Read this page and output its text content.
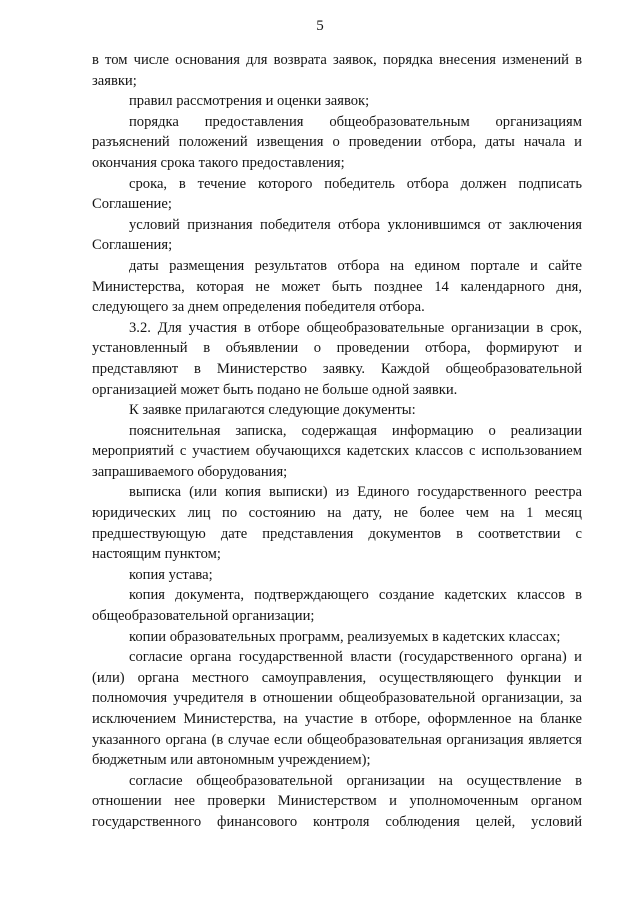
5

в том числе основания для возврата заявок, порядка внесения изменений в заявки;

правил рассмотрения и оценки заявок;

порядка предоставления общеобразовательным организациям разъяснений положений извещения о проведении отбора, даты начала и окончания срока такого предоставления;

срока, в течение которого победитель отбора должен подписать Соглашение;

условий признания победителя отбора уклонившимся от заключения Соглашения;

даты размещения результатов отбора на едином портале и сайте Министерства, которая не может быть позднее 14 календарного дня, следующего за днем определения победителя отбора.

3.2. Для участия в отборе общеобразовательные организации в срок, установленный в объявлении о проведении отбора, формируют и представляют в Министерство заявку. Каждой общеобразовательной организацией может быть подано не больше одной заявки.

К заявке прилагаются следующие документы:

пояснительная записка, содержащая информацию о реализации мероприятий с участием обучающихся кадетских классов с использованием запрашиваемого оборудования;

выписка (или копия выписки) из Единого государственного реестра юридических лиц по состоянию на дату, не более чем на 1 месяц предшествующую дате представления документов в соответствии с настоящим пунктом;

копия устава;

копия документа, подтверждающего создание кадетских классов в общеобразовательной организации;

копии образовательных программ, реализуемых в кадетских классах;

согласие органа государственной власти (государственного органа) и (или) органа местного самоуправления, осуществляющего функции и полномочия учредителя в отношении общеобразовательной организации, за исключением Министерства, на участие в отборе, оформленное на бланке указанного органа (в случае если общеобразовательная организация является бюджетным или автономным учреждением);

согласие общеобразовательной организации на осуществление в отношении нее проверки Министерством и уполномоченным органом государственного финансового контроля соблюдения целей, условий
